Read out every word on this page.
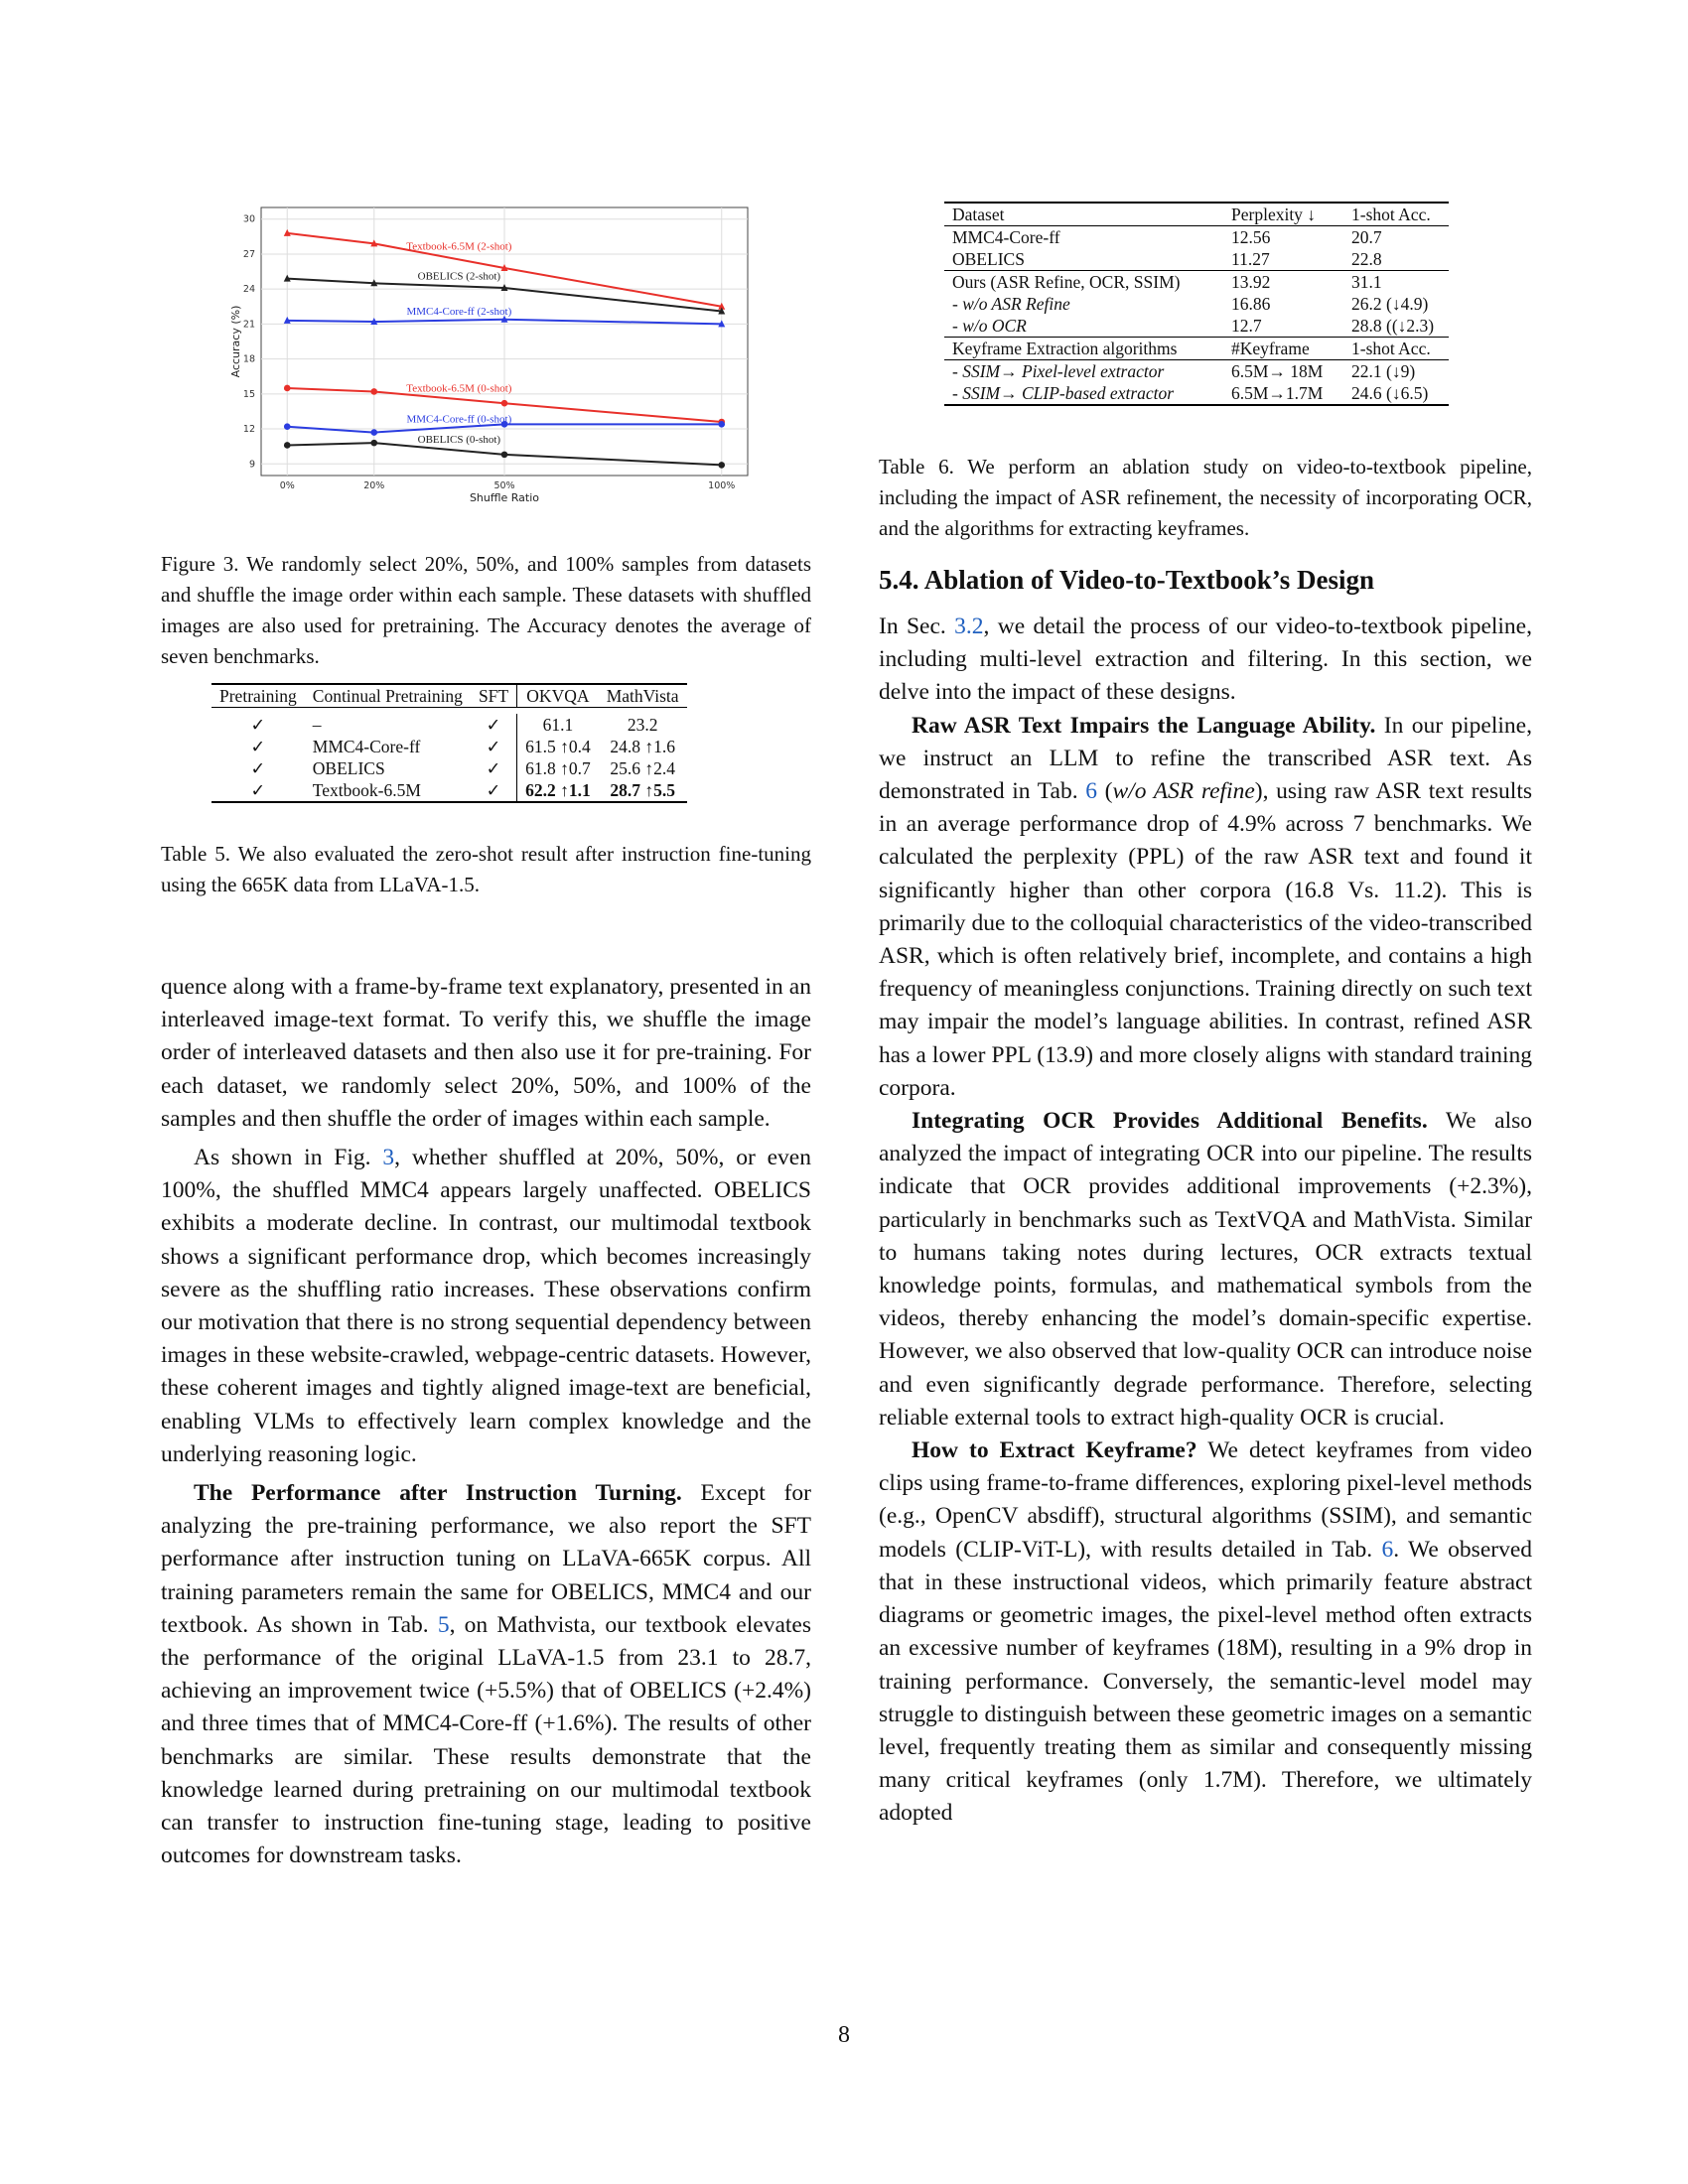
9
12
15
18
21
24
27
30
0%	20%	50%	100%
Shuffle Ratio
Accuracy (%)
Textbook-6.5M (2-shot)
OBELICS (2-shot)
MMC4-Core-ff (2-shot)
Textbook-6.5M (0-shot)
MMC4-Core-ff (0-shot)
OBELICS (0-shot)

Figure 3. We randomly select 20%, 50%, and 100% samples from datasets and shuffle the image order within each sample. These datasets with shuffled images are also used for pretraining. The Accuracy denotes the average of seven benchmarks.

Pretraining	Continual Pretraining	SFT	OKVQA	MathVista

✓	–	✓	61.1	23.2
✓	MMC4-Core-ff	✓	61.5 ↑0.4	24.8 ↑1.6
✓	OBELICS	✓	61.8 ↑0.7	25.6 ↑2.4
✓	Textbook-6.5M	✓	62.2 ↑1.1	28.7 ↑5.5

Table 5. We also evaluated the zero-shot result after instruction fine-tuning using the 665K data from LLaVA-1.5.

quence along with a frame-by-frame text explanatory, presented in an interleaved image-text format. To verify this, we shuffle the image order of interleaved datasets and then also use it for pre-training. For each dataset, we randomly select 20%, 50%, and 100% of the samples and then shuffle the order of images within each sample.

As shown in Fig. 3, whether shuffled at 20%, 50%, or even 100%, the shuffled MMC4 appears largely unaffected. OBELICS exhibits a moderate decline. In contrast, our multimodal textbook shows a significant performance drop, which becomes increasingly severe as the shuffling ratio increases. These observations confirm our motivation that there is no strong sequential dependency between images in these website-crawled, webpage-centric datasets. However, these coherent images and tightly aligned image-text are beneficial, enabling VLMs to effectively learn complex knowledge and the underlying reasoning logic.

The Performance after Instruction Turning. Except for analyzing the pre-training performance, we also report the SFT performance after instruction tuning on LLaVA-665K corpus. All training parameters remain the same for OBELICS, MMC4 and our textbook. As shown in Tab. 5, on Mathvista, our textbook elevates the performance of the original LLaVA-1.5 from 23.1 to 28.7, achieving an improvement twice (+5.5%) that of OBELICS (+2.4%) and three times that of MMC4-Core-ff (+1.6%). The results of other benchmarks are similar. These results demonstrate that the knowledge learned during pretraining on our multimodal textbook can transfer to instruction fine-tuning stage, leading to positive outcomes for downstream tasks.

Dataset	Perplexity ↓	1-shot Acc.
MMC4-Core-ff	12.56	20.7
OBELICS	11.27	22.8
Ours (ASR Refine, OCR, SSIM)	13.92	31.1
- w/o ASR Refine	16.86	26.2 (↓4.9)
- w/o OCR	12.7	28.8 ((↓2.3)
Keyframe Extraction algorithms	#Keyframe	1-shot Acc.
- SSIM→ Pixel-level extractor	6.5M→ 18M	22.1 (↓9)
- SSIM→ CLIP-based extractor	6.5M→1.7M	24.6 (↓6.5)

Table 6. We perform an ablation study on video-to-textbook pipeline, including the impact of ASR refinement, the necessity of incorporating OCR, and the algorithms for extracting keyframes.

5.4. Ablation of Video-to-Textbook’s Design

In Sec. 3.2, we detail the process of our video-to-textbook pipeline, including multi-level extraction and filtering. In this section, we delve into the impact of these designs.

Raw ASR Text Impairs the Language Ability. In our pipeline, we instruct an LLM to refine the transcribed ASR text. As demonstrated in Tab. 6 (w/o ASR refine), using raw ASR text results in an average performance drop of 4.9% across 7 benchmarks. We calculated the perplexity (PPL) of the raw ASR text and found it significantly higher than other corpora (16.8 Vs. 11.2). This is primarily due to the colloquial characteristics of the video-transcribed ASR, which is often relatively brief, incomplete, and contains a high frequency of meaningless conjunctions. Training directly on such text may impair the model’s language abilities. In contrast, refined ASR has a lower PPL (13.9) and more closely aligns with standard training corpora.

Integrating OCR Provides Additional Benefits. We also analyzed the impact of integrating OCR into our pipeline. The results indicate that OCR provides additional improvements (+2.3%), particularly in benchmarks such as TextVQA and MathVista. Similar to humans taking notes during lectures, OCR extracts textual knowledge points, formulas, and mathematical symbols from the videos, thereby enhancing the model’s domain-specific expertise. However, we also observed that low-quality OCR can introduce noise and even significantly degrade performance. Therefore, selecting reliable external tools to extract high-quality OCR is crucial.

How to Extract Keyframe? We detect keyframes from video clips using frame-to-frame differences, exploring pixel-level methods (e.g., OpenCV absdiff), structural algorithms (SSIM), and semantic models (CLIP-ViT-L), with results detailed in Tab. 6. We observed that in these instructional videos, which primarily feature abstract diagrams or geometric images, the pixel-level method often extracts an excessive number of keyframes (18M), resulting in a 9% drop in training performance. Conversely, the semantic-level model may struggle to distinguish between these geometric images on a semantic level, frequently treating them as similar and consequently missing many critical keyframes (only 1.7M). Therefore, we ultimately adopted

8
